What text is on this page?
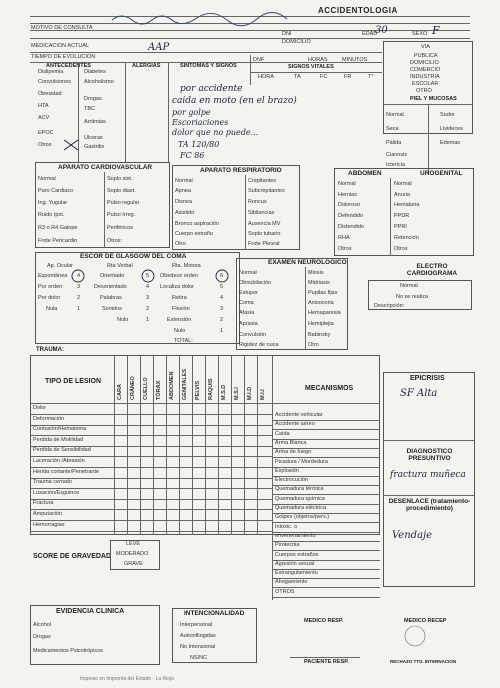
ACCIDENTOLOGIA
MOTIVO DE CONSULTA
DNI	EDAD	SEXO
DOMICILIO
30	F
MEDICACION ACTUAL	AAP
TIEMPO DE EVOLUCION
VIA
PUBLICA
DOMICILIO
COMERCIO
INDUSTRIA
ESCOLAR
OTRO
PIEL Y MUCOSAS
Normal
Seca
Pálida
Cianosis
Ictericia
Sudor
Livideces
Edemas
ANTECEDENTES	ALERGIAS	SINTOMAS Y SIGNOS	SIGNOS VITALES
DNF	HORAS	MINUTOS
HORA	TA	FC	FR	T°
Dislipemia
Convulsiones
Obesidad
HTA
ACV
EPOC
Otros
Diabetes
Alcoholismo
Drogas
TBC
Arritmias
Ulceras
Gastritis
por accidente
caida en moto (en el brazo)
por golpe
Escoriaciones
dolor que no puede...
TA 120/80
FC 86
APARATO CARDIOVASCULAR
Normal
Paro Cardiaco
Ing. Yugular
Ruido Ipol.
R3 o R4 Galope
Frote Pericardio
Soplo sist.
Soplo diast.
Pulso regular
Pulso Irreg.
Periféricos
Otros:
APARATO RESPIRATORIO
Normal
Apnea
Disnea
Asistido
Bronco aspiración
Cuerpo extraño
Otro
Crepitantes
Subcrepitantes
Roncus
Sibilancias
Ausencia MV
Soplo tubario
Frote Pleural
ABDOMEN	UROGENITAL
Normal
Hernias
Doloroso
Defendido
Distendido
RHA
Otros
Normal
Anuria
Hematuria
PPDR
PPRI
Retención
Otros
ESCOR DE GLASGOW DEL COMA
Ap. Ocular	Rta Verbal	Rta. Motora
Espontánea	4	Orientado	5	Obedece orden	6
Por orden	3	Desorientado	4	Localiza dolor	5
Por dolor	2	Palabras	3	Retira	4
Nula	1	Sonidos	2	Flexión	3
Nulo	1	Extensión	2
Nulo	1
TOTAL:
EXAMEN NEUROLOGICO
Normal
Obnubilación
Estupor
Coma
Afasia
Apraxia
Convulsión
Rigidez de nuca
Miosis
Midriasis
Pupilas fijas
Anisocoria
Hemaparesia
Hemiplejia
Babinsky
Otro
ELECTRO CARDIOGRAMA
Normal
No se realiza
Descripción:
TRAUMA:
TIPO DE LESION
CARA CRÁNEO CUELLO TÓRAX ABDOMEN GENITALES PELVIS RAQUIS M.S.D M.S.I M.I.D M.I.I
Dolor
Deformación
Contusión/Hematoma
Perdida de Motilidad
Perdida de Sensibilidad
Laceración /Abrasión
Herida cortante/Penetrante
Trauma cerrado
Luxación/Esguince
Fractura
Amputación
Hemorragias
MECANISMOS
Accidente vehicular
Accidente aéreo
Caída
Arma Blanca
Arma de fuego
Picadura / Mordedura
Explosión
Electrocución
Quemadura térmica
Quemadura química
Quemadura eléctrica
Golpes (objetos/pers.)
Intoxic. o
envenenamiento
Pirotecnia
Cuerpos extraños
Agresión sexual
Estrangulamiento
Ahogamiento
OTROS
EPICRISIS
SF Alta
DIAGNOSTICO PRESUNTIVO
fractura muñeca
DESENLACE (tratamiento-procedimiento)
Vendaje
SCORE DE GRAVEDAD
LEVE
MODERADO
GRAVE
EVIDENCIA CLINICA
Alcohol
Drogas
Medicamentos Psicotrópicos
INTENCIONALIDAD
Interpersonal
Autoinflingidas
No Intensional
NS/NC
MEDICO RESP.	MEDICO RECEP
PACIENTE RESP.	RECHAZO TTO. INTERNACION
Impreso en Imprenta del Estado - La Rioja
